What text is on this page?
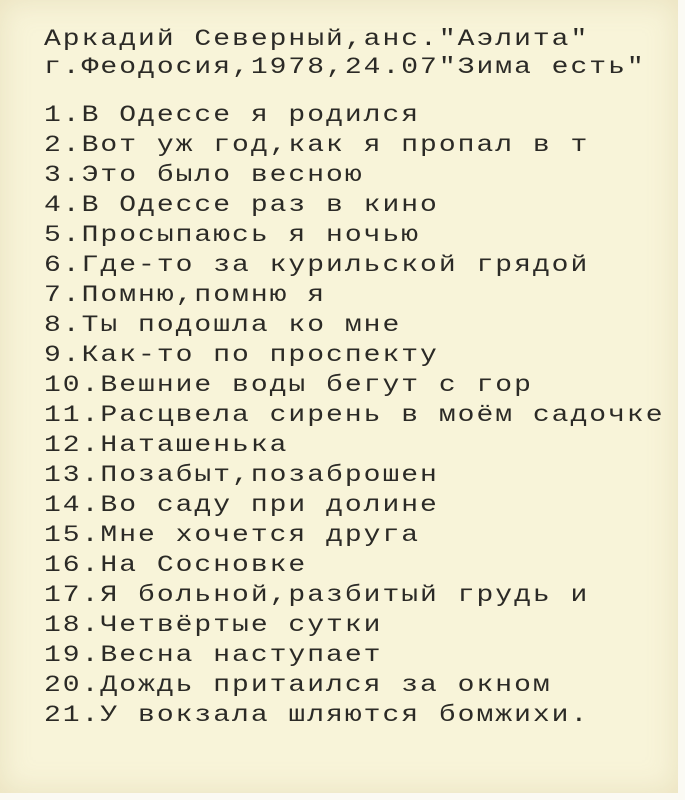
Аркадий Северный,анс."Аэлита"
г.Феодосия,1978,24.07"Зима есть"
1.В Одессе я родился
2.Вот уж год,как я пропал в т
3.Это было весною
4.В Одессе раз в кино
5.Просыпаюсь я ночью
6.Где-то за курильской грядой
7.Помню,помню я
8.Ты подошла ко мне
9.Как-то по проспекту
10.Вешние воды бегут с гор
11.Расцвела сирень в моём садочке
12.Наташенька
13.Позабыт,позаброшен
14.Во саду при долине
15.Мне хочется друга
16.На Сосновке
17.Я больной,разбитый грудь и
18.Четвёртые сутки
19.Весна наступает
20.Дождь притаился за окном
21.У вокзала шляются бомжихи.
